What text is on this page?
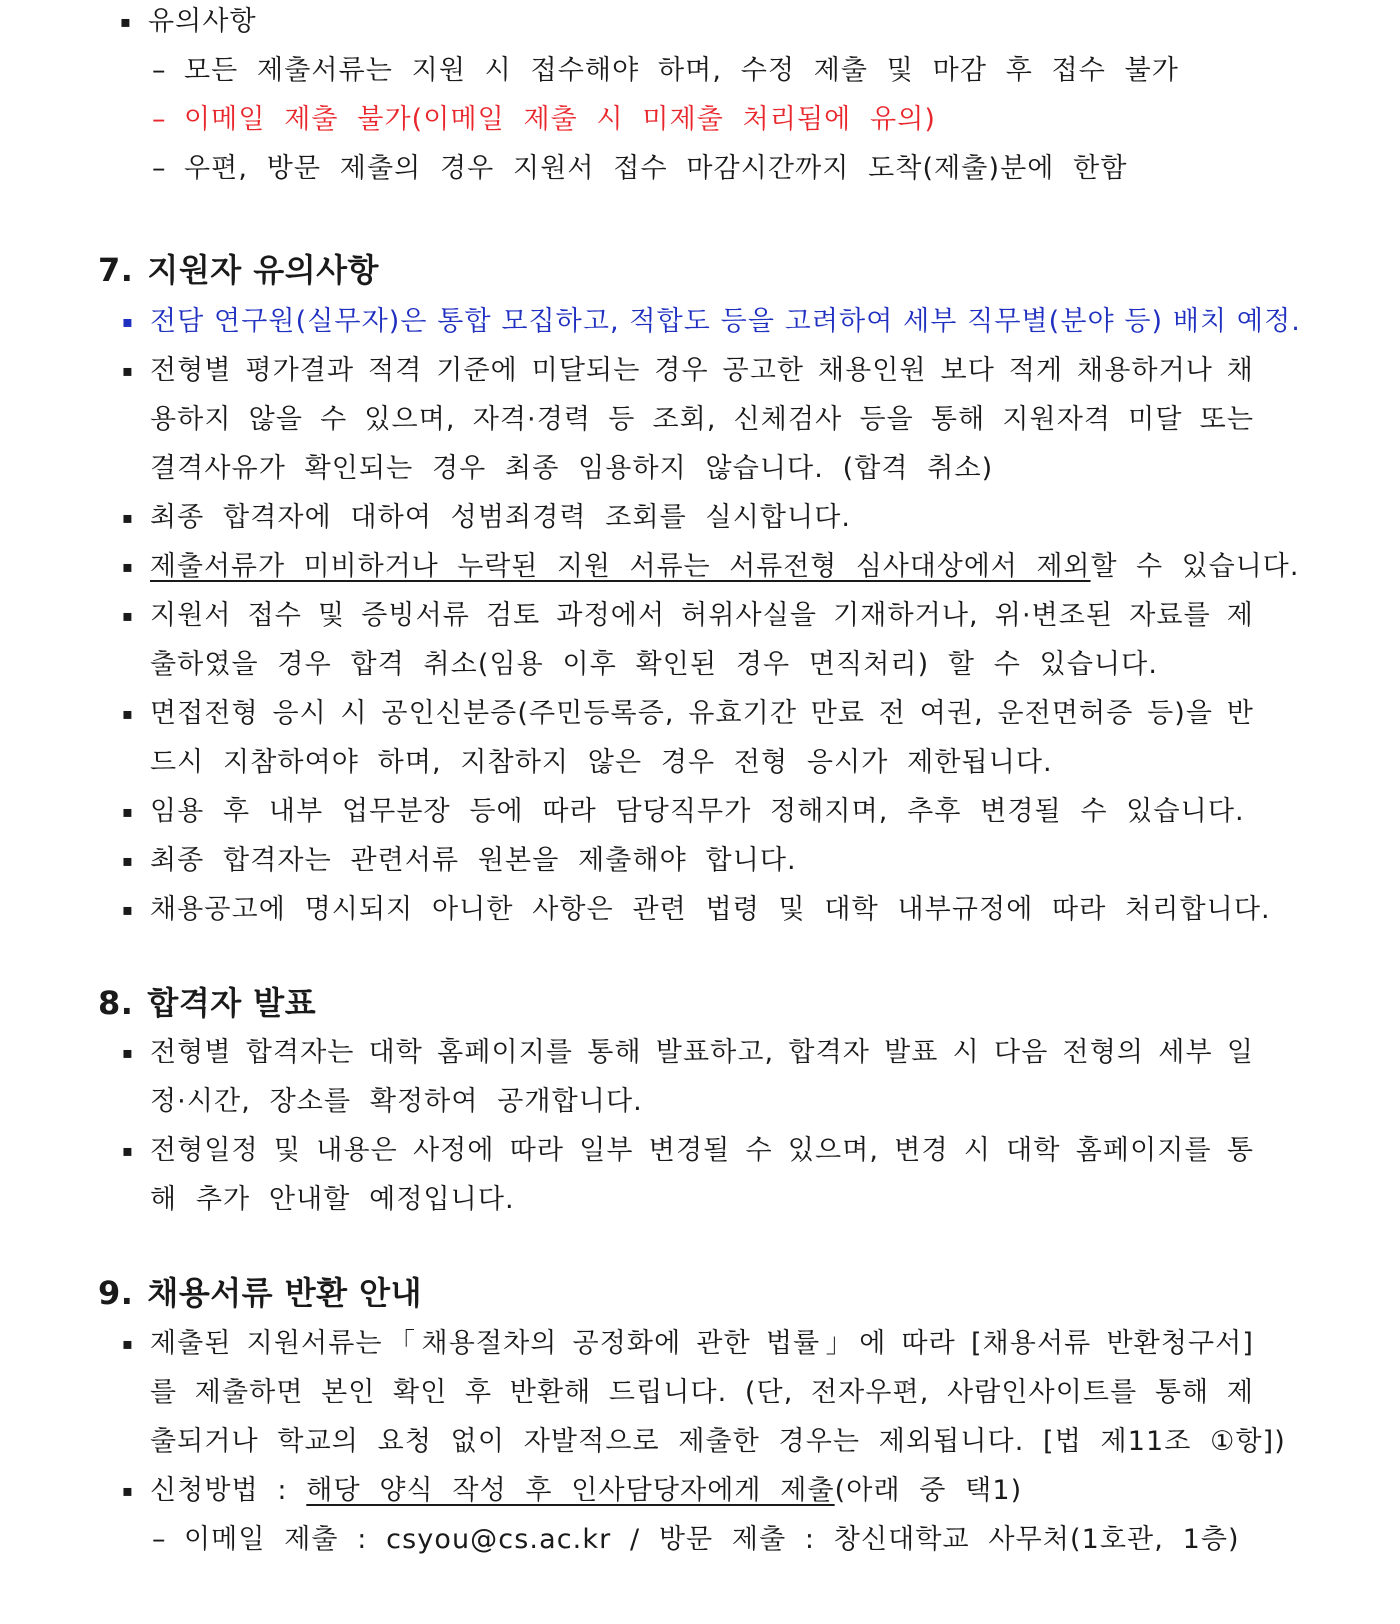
▪ 유의사항
– 모든 제출서류는 지원 시 접수해야 하며, 수정 제출 및 마감 후 접수 불가
– 이메일 제출 불가(이메일 제출 시 미제출 처리됨에 유의)
– 우편, 방문 제출의 경우 지원서 접수 마감시간까지 도착(제출)분에 한함
7. 지원자 유의사항
▪ 전담 연구원(실무자)은 통합 모집하고, 적합도 등을 고려하여 세부 직무별(분야 등) 배치 예정.
▪ 전형별 평가결과 적격 기준에 미달되는 경우 공고한 채용인원 보다 적게 채용하거나 채
용하지 않을 수 있으며, 자격·경력 등 조회, 신체검사 등을 통해 지원자격 미달 또는
결격사유가 확인되는 경우 최종 임용하지 않습니다. (합격 취소)
▪ 최종 합격자에 대하여 성범죄경력 조회를 실시합니다.
▪ 제출서류가 미비하거나 누락된 지원 서류는 서류전형 심사대상에서 제외할 수 있습니다.
▪ 지원서 접수 및 증빙서류 검토 과정에서 허위사실을 기재하거나, 위·변조된 자료를 제
출하였을 경우 합격 취소(임용 이후 확인된 경우 면직처리) 할 수 있습니다.
▪ 면접전형 응시 시 공인신분증(주민등록증, 유효기간 만료 전 여권, 운전면허증 등)을 반
드시 지참하여야 하며, 지참하지 않은 경우 전형 응시가 제한됩니다.
▪ 임용 후 내부 업무분장 등에 따라 담당직무가 정해지며, 추후 변경될 수 있습니다.
▪ 최종 합격자는 관련서류 원본을 제출해야 합니다.
▪ 채용공고에 명시되지 아니한 사항은 관련 법령 및 대학 내부규정에 따라 처리합니다.
8. 합격자 발표
▪ 전형별 합격자는 대학 홈페이지를 통해 발표하고, 합격자 발표 시 다음 전형의 세부 일
정·시간, 장소를 확정하여 공개합니다.
▪ 전형일정 및 내용은 사정에 따라 일부 변경될 수 있으며, 변경 시 대학 홈페이지를 통
해 추가 안내할 예정입니다.
9. 채용서류 반환 안내
▪ 제출된 지원서류는「채용절차의 공정화에 관한 법률」에 따라 [채용서류 반환청구서]
를 제출하면 본인 확인 후 반환해 드립니다. (단, 전자우편, 사람인사이트를 통해 제
출되거나 학교의 요청 없이 자발적으로 제출한 경우는 제외됩니다. [법 제11조 ①항])
▪ 신청방법 : 해당 양식 작성 후 인사담당자에게 제출(아래 중 택1)
– 이메일 제출 : csyou@cs.ac.kr / 방문 제출 : 창신대학교 사무처(1호관, 1층)
